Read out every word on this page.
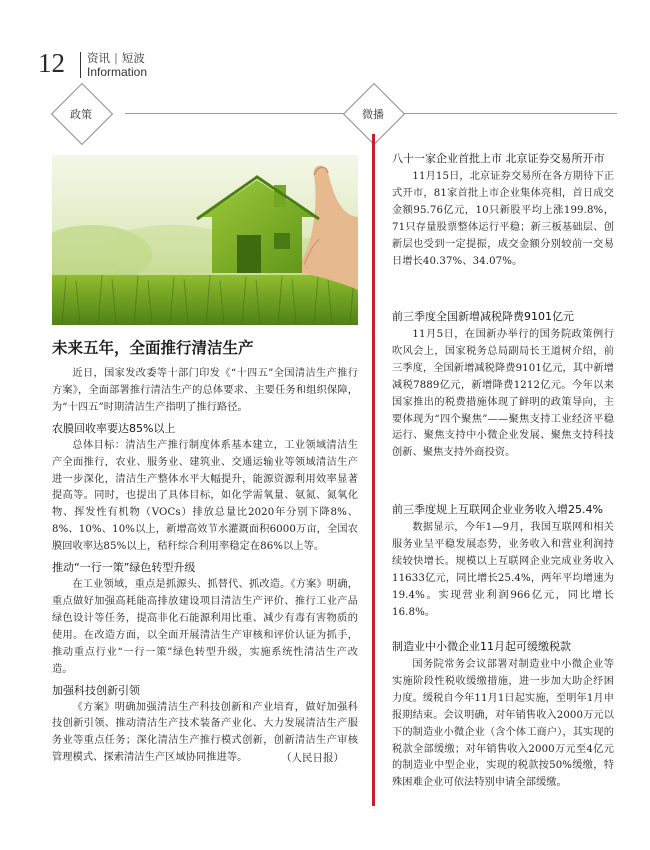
12 资讯 | 短波
Information
政策	微播
未来五年，全面推行清洁生产

近日，国家发改委等十部门印发《“十四五”全国清洁生产推行方案》，全面部署推行清洁生产的总体要求、主要任务和组织保障，为“十四五”时期清洁生产指明了推行路径。

农膜回收率要达85%以上

总体目标：清洁生产推行制度体系基本建立，工业领域清洁生产全面推行，农业、服务业、建筑业、交通运输业等领域清洁生产进一步深化，清洁生产整体水平大幅提升，能源资源利用效率显著提高等。同时，也提出了具体目标，如化学需氧量、氨氮、氮氧化物、挥发性有机物（VOCs）排放总量比2020年分别下降8%、8%、10%、10%以上，新增高效节水灌溉面积6000万亩，全国农膜回收率达85%以上，秸秆综合利用率稳定在86%以上等。

推动“一行一策”绿色转型升级

在工业领域，重点是抓源头、抓替代、抓改造。《方案》明确，重点做好加强高耗能高排放建设项目清洁生产评价、推行工业产品绿色设计等任务，提高非化石能源利用比重、减少有毒有害物质的使用。在改造方面，以全面开展清洁生产审核和评价认证为抓手，推动重点行业“一行一策”绿色转型升级，实施系统性清洁生产改造。

加强科技创新引领

《方案》明确加强清洁生产科技创新和产业培育，做好加强科技创新引领、推动清洁生产技术装备产业化、大力发展清洁生产服务业等重点任务；深化清洁生产推行模式创新，创新清洁生产审核管理模式、探索清洁生产区域协同推进等。	（人民日报）
八十一家企业首批上市 北京证券交易所开市

11月15日，北京证券交易所在各方期待下正式开市，81家首批上市企业集体亮相，首日成交金额95.76亿元，10只新股平均上涨199.8%，71只存量股票整体运行平稳；新三板基础层、创新层也受到一定提振，成交金额分别较前一交易日增长40.37%、34.07%。

前三季度全国新增减税降费9101亿元

11月5日，在国新办举行的国务院政策例行吹风会上，国家税务总局副局长王道树介绍，前三季度，全国新增减税降费9101亿元，其中新增减税7889亿元，新增降费1212亿元。今年以来国家推出的税费措施体现了鲜明的政策导向，主要体现为“四个聚焦”——聚焦支持工业经济平稳运行、聚焦支持中小微企业发展、聚焦支持科技创新、聚焦支持外商投资。

前三季度规上互联网企业业务收入增25.4%

数据显示，今年1—9月，我国互联网和相关服务业呈平稳发展态势，业务收入和营业利润持续较快增长。规模以上互联网企业完成业务收入11633亿元，同比增长25.4%，两年平均增速为19.4%。实现营业利润966亿元，同比增长16.8%。

制造业中小微企业11月起可缓缴税款

国务院常务会议部署对制造业中小微企业等实施阶段性税收缓缴措施，进一步加大助企纾困力度。缓税自今年11月1日起实施，至明年1月申报期结束。会议明确，对年销售收入2000万元以下的制造业小微企业（含个体工商户），其实现的税款全部缓缴；对年销售收入2000万元至4亿元的制造业中型企业，实现的税款按50%缓缴，特殊困难企业可依法特别申请全部缓缴。
